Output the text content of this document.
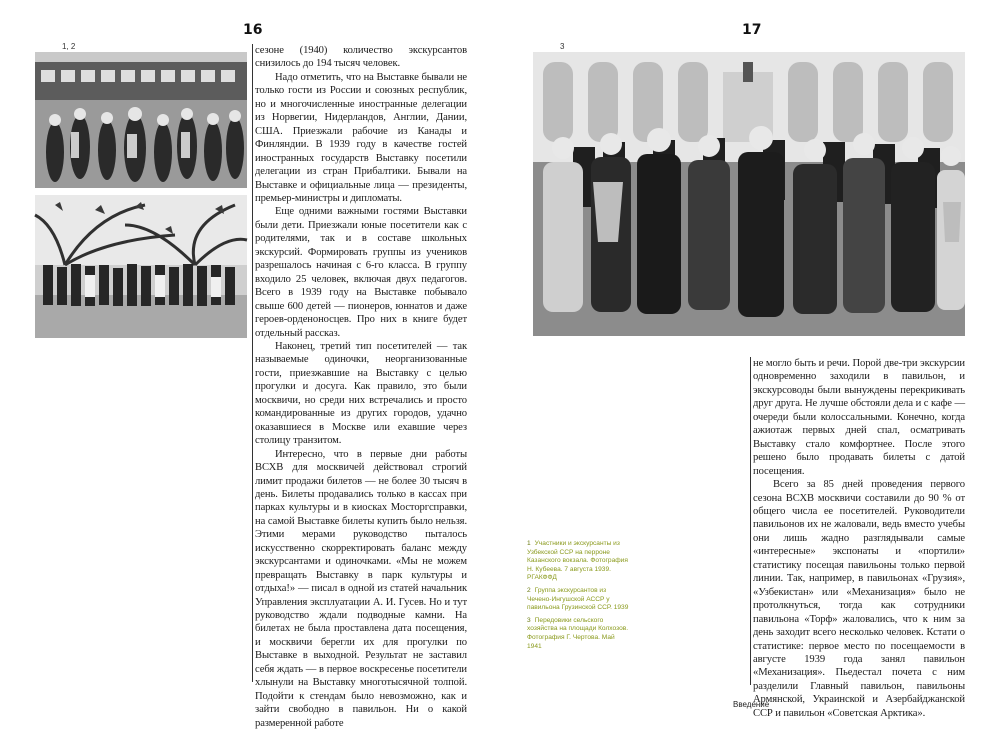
16	17
1, 2	3

сезоне (1940) количество экскурсантов снизилось до 194 тысяч человек.

Надо отметить, что на Выставке бывали не только гости из России и союзных республик, но и многочисленные иностранные делегации из Норвегии, Нидерландов, Англии, Дании, США. Приезжали рабочие из Канады и Финляндии. В 1939 году в качестве гостей иностранных государств Выставку посетили делегации из стран Прибалтики. Бывали на Выставке и официальные лица — президенты, премьер-министры и дипломаты.

Еще одними важными гостями Выставки были дети. Приезжали юные посетители как с родителями, так и в составе школьных экскурсий. Формировать группы из учеников разрешалось начиная с 6-го класса. В группу входило 25 человек, включая двух педагогов. Всего в 1939 году на Выставке побывало свыше 600 детей — пионеров, юннатов и даже героев-орденоносцев. Про них в книге будет отдельный рассказ.

Наконец, третий тип посетителей — так называемые одиночки, неорганизованные гости, приезжавшие на Выставку с целью прогулки и досуга. Как правило, это были москвичи, но среди них встречались и просто командированные из других городов, удачно оказавшиеся в Москве или ехавшие через столицу транзитом.

Интересно, что в первые дни работы ВСХВ для москвичей действовал строгий лимит продажи билетов — не более 30 тысяч в день. Билеты продавались только в кассах при парках культуры и в киосках Мосторгсправки, на самой Выставке билеты купить было нельзя. Этими мерами руководство пыталось искусственно скорректировать баланс между экскурсантами и одиночками. «Мы не можем превращать Выставку в парк культуры и отдыха!» — писал в одной из статей начальник Управления эксплуатации А. И. Гусев. Но и тут руководство ждали подводные камни. На билетах не была проставлена дата посещения, и москвичи берегли их для прогулки по Выставке в выходной. Результат не заставил себя ждать — в первое воскресенье посетители хлынули на Выставку многотысячной толпой. Подойти к стендам было невозможно, как и зайти свободно в павильон. Ни о какой размеренной работе

не могло быть и речи. Порой две-три экскурсии одновременно заходили в павильон, и экскурсоводы были вынуждены перекрикивать друг друга. Не лучше обстояли дела и с кафе — очереди были колоссальными. Конечно, когда ажиотаж первых дней спал, осматривать Выставку стало комфортнее. После этого решено было продавать билеты с датой посещения.

Всего за 85 дней проведения первого сезона ВСХВ москвичи составили до 90 % от общего числа ее посетителей. Руководители павильонов их не жаловали, ведь вместо учебы они лишь жадно разглядывали самые «интересные» экспонаты и «портили» статистику посещая павильоны только первой линии. Так, например, в павильонах «Грузия», «Узбекистан» или «Механизация» было не протолкнуться, тогда как сотрудники павильона «Торф» жаловались, что к ним за день заходит всего несколько человек. Кстати о статистике: первое место по посещаемости в августе 1939 года занял павильон «Механизация». Пьедестал почета с ним разделили Главный павильон, павильоны Армянской, Украинской и Азербайджанской ССР и павильон «Советская Арктика».

1 Участники и экскурсанты из Узбекской ССР на перроне Казанского вокзала. Фотография Н. Кубеева. 7 августа 1939. РГАКФФД
2 Группа экскурсантов из Чечено-Ингушской АССР у павильона Грузинской ССР. 1939
3 Передовики сельского хозяйства на площади Колхозов. Фотография Г. Чертова. Май 1941
Введение
